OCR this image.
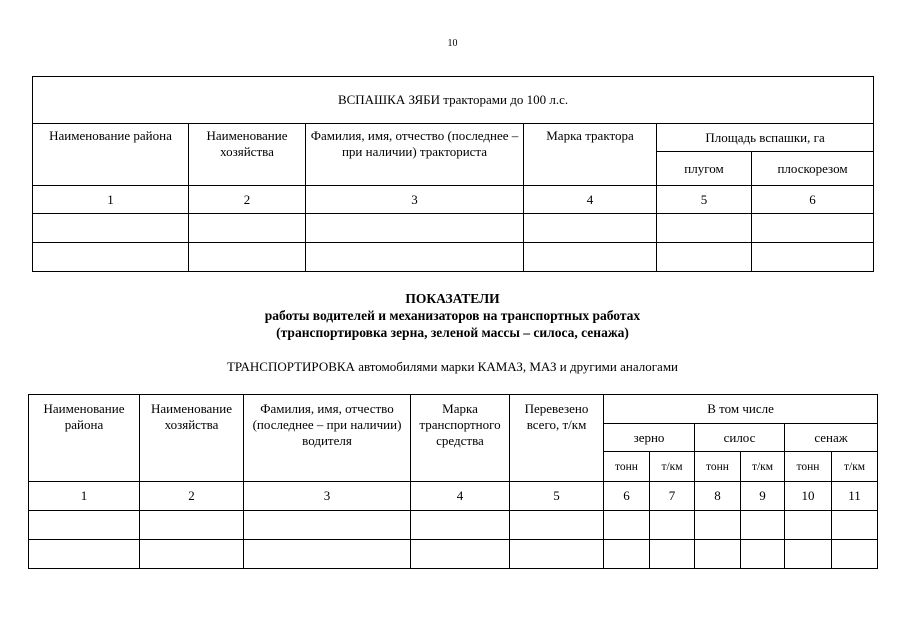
10
ВСПАШКА ЗЯБИ тракторами до 100 л.с.					
Наименование района	Наименование хозяйства	Фамилия, имя, отчество (последнее – при наличии) тракториста	Марка трактора	Площадь вспашки, га	
				плугом	плоскорезом
1	2	3	4	5	6

ПОКАЗАТЕЛИ
работы водителей и механизаторов на транспортных работах
(транспортировка зерна, зеленой массы – силоса, сенажа)
ТРАНСПОРТИРОВКА автомобилями марки КАМАЗ, МАЗ и другими аналогами
Наименование района	Наименование хозяйства	Фамилия, имя, отчество (последнее – при наличии) водителя	Марка транспортного средства	Перевезено всего, т/км	В том числе					
					зерно		силос		сенаж	
					тонн	т/км	тонн	т/км	тонн	т/км
1	2	3	4	5	6	7	8	9	10	11
